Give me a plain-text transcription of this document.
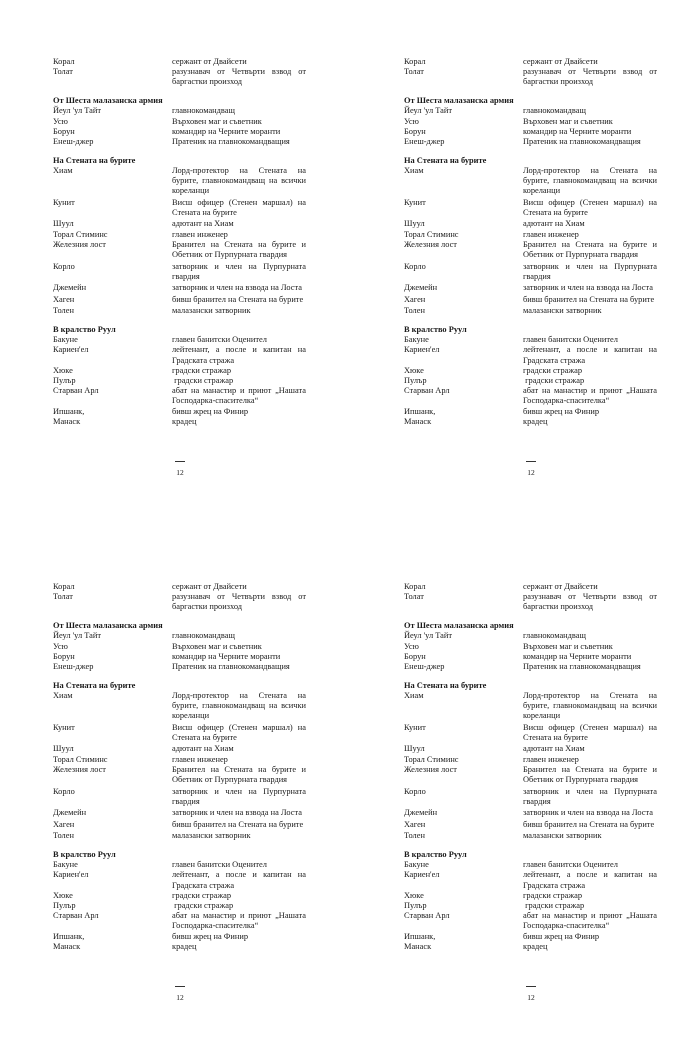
Корал	сержант от Двайсети
Толат	разузнавач от Четвърти взвод от баргастки произход
От Шеста малазанска армия
Йеул 'ул Тайт	главнокомандващ
Усю	Върховен маг и съветник
Борун	командир на Черните моранти
Енеш-джер	Пратеник на главнокомандващия
На Стената на бурите
Хиам	Лорд-протектор на Стената на бурите, главнокомандващ на всички кореланци
Кунит	Висш офицер (Стенен маршал) на Стената на бурите
Шуул	адютант на Хиам
Торал Стиминс	главен инженер
Железния лост	Бранител на Стената на бурите и Обетник от Пурпурната гвардия
Корло	затворник и член на Пурпурната гвардия
Джемейн	затворник и член на взвода на Лоста
Хаген	бивш бранител на Стената на бурите
Толен	малазански затворник
В кралство Руул
Бакуне	главен банитски Оценител
Кариен'ел	лейтенант, а после и капитан на Градската стража
Хюке	градски стражар
Пулър	градски стражар
Старван Арл	абат на манастир и приют „Нашата Господарка-спасителка“
Ипшанк,	бивш жрец на Финир
Манаск	крадец
12
Корал	сержант от Двайсети
Толат	разузнавач от Четвърти взвод от баргастки произход
От Шеста малазанска армия
Йеул 'ул Тайт	главнокомандващ
Усю	Върховен маг и съветник
Борун	командир на Черните моранти
Енеш-джер	Пратеник на главнокомандващия
На Стената на бурите
Хиам	Лорд-протектор на Стената на бурите, главнокомандващ на всички кореланци
Кунит	Висш офицер (Стенен маршал) на Стената на бурите
Шуул	адютант на Хиам
Торал Стиминс	главен инженер
Железния лост	Бранител на Стената на бурите и Обетник от Пурпурната гвардия
Корло	затворник и член на Пурпурната гвардия
Джемейн	затворник и член на взвода на Лоста
Хаген	бивш бранител на Стената на бурите
Толен	малазански затворник
В кралство Руул
Бакуне	главен банитски Оценител
Кариен'ел	лейтенант, а после и капитан на Градската стража
Хюке	градски стражар
Пулър	градски стражар
Старван Арл	абат на манастир и приют „Нашата Господарка-спасителка“
Ипшанк,	бивш жрец на Финир
Манаск	крадец
12
Корал	сержант от Двайсети
Толат	разузнавач от Четвърти взвод от баргастки произход
От Шеста малазанска армия
Йеул 'ул Тайт	главнокомандващ
Усю	Върховен маг и съветник
Борун	командир на Черните моранти
Енеш-джер	Пратеник на главнокомандващия
На Стената на бурите
Хиам	Лорд-протектор на Стената на бурите, главнокомандващ на всички кореланци
Кунит	Висш офицер (Стенен маршал) на Стената на бурите
Шуул	адютант на Хиам
Торал Стиминс	главен инженер
Железния лост	Бранител на Стената на бурите и Обетник от Пурпурната гвардия
Корло	затворник и член на Пурпурната гвардия
Джемейн	затворник и член на взвода на Лоста
Хаген	бивш бранител на Стената на бурите
Толен	малазански затворник
В кралство Руул
Бакуне	главен банитски Оценител
Кариен'ел	лейтенант, а после и капитан на Градската стража
Хюке	градски стражар
Пулър	градски стражар
Старван Арл	абат на манастир и приют „Нашата Господарка-спасителка“
Ипшанк,	бивш жрец на Финир
Манаск	крадец
12
Корал	сержант от Двайсети
Толат	разузнавач от Четвърти взвод от баргастки произход
От Шеста малазанска армия
Йеул 'ул Тайт	главнокомандващ
Усю	Върховен маг и съветник
Борун	командир на Черните моранти
Енеш-джер	Пратеник на главнокомандващия
На Стената на бурите
Хиам	Лорд-протектор на Стената на бурите, главнокомандващ на всички кореланци
Кунит	Висш офицер (Стенен маршал) на Стената на бурите
Шуул	адютант на Хиам
Торал Стиминс	главен инженер
Железния лост	Бранител на Стената на бурите и Обетник от Пурпурната гвардия
Корло	затворник и член на Пурпурната гвардия
Джемейн	затворник и член на взвода на Лоста
Хаген	бивш бранител на Стената на бурите
Толен	малазански затворник
В кралство Руул
Бакуне	главен банитски Оценител
Кариен'ел	лейтенант, а после и капитан на Градската стража
Хюке	градски стражар
Пулър	градски стражар
Старван Арл	абат на манастир и приют „Нашата Господарка-спасителка“
Ипшанк,	бивш жрец на Финир
Манаск	крадец
12
